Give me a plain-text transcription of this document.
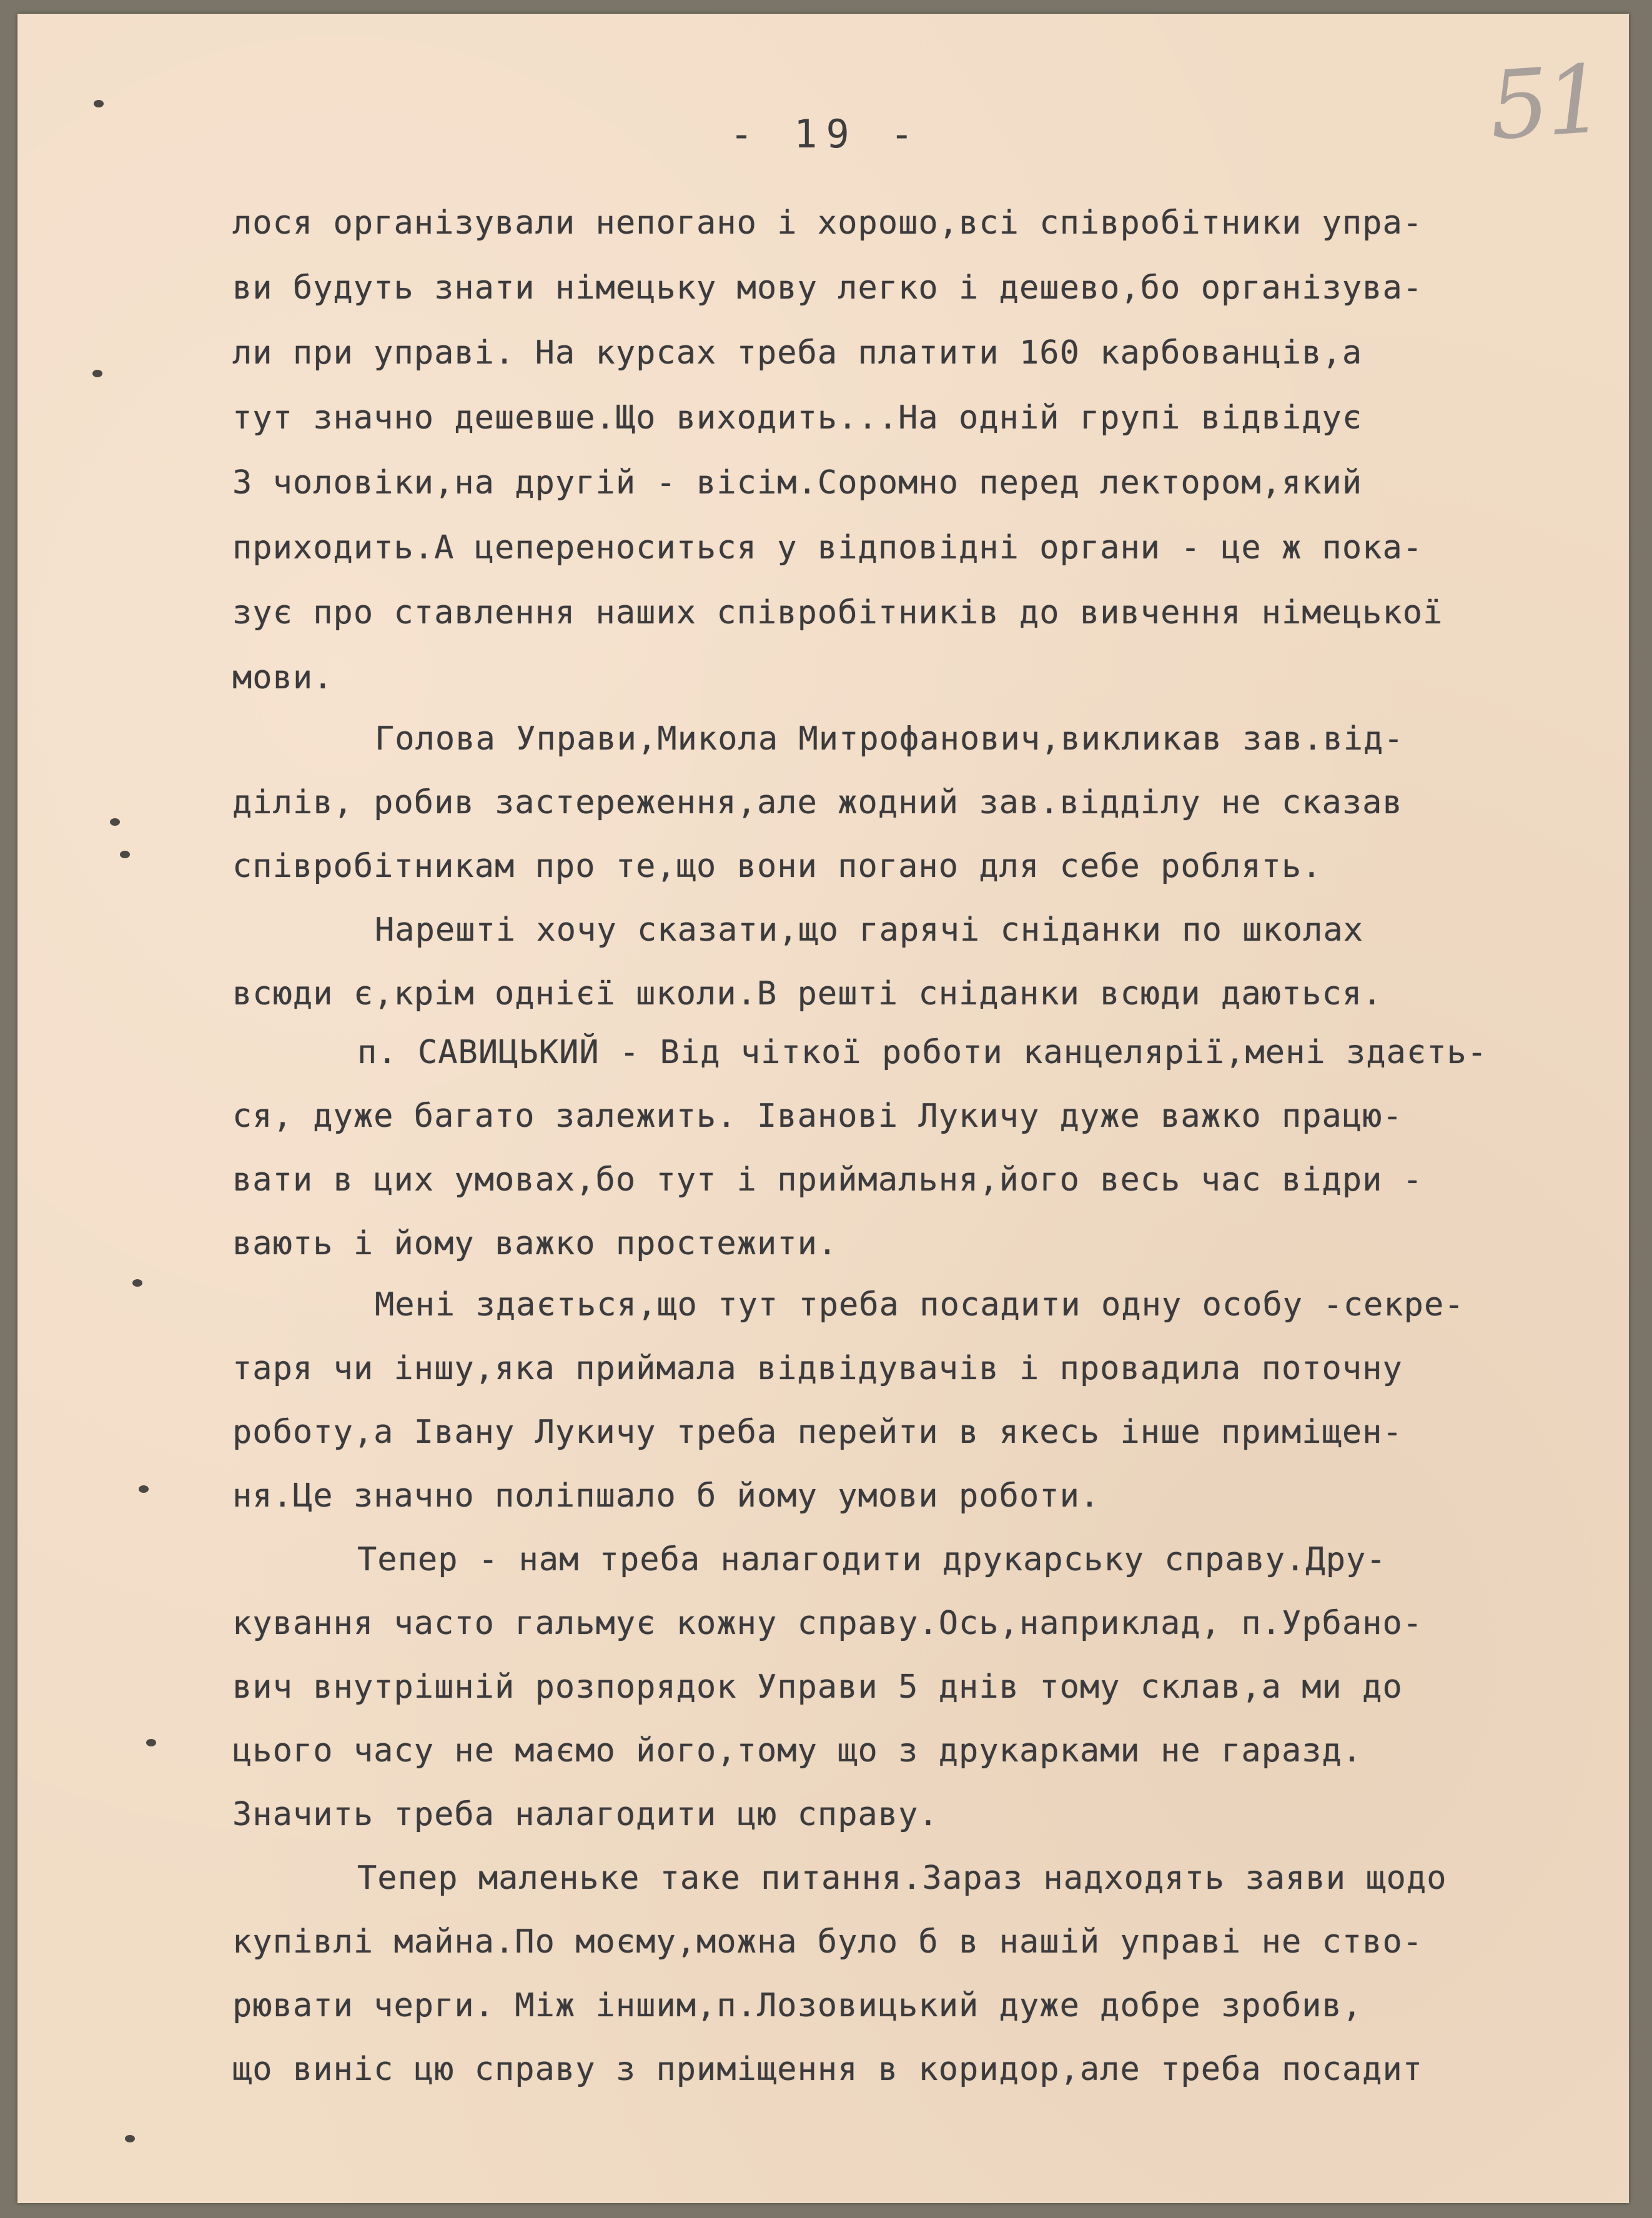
51
- 19 -
лося організували непогано і хорошо,всі співробітники упра-
ви будуть знати німецьку мову легко і дешево,бо організува-
ли при управі. На курсах треба платити 160 карбованців,а
тут значно дешевше.Що виходить...На одній групі відвідує
3 чоловіки,на другій - вісім.Соромно перед лектором,який
приходить.А цепереноситься у відповідні органи - це ж пока-
зує про ставлення наших співробітників до вивчення німецької
мови.
Голова Управи,Микола Митрофанович,викликав зав.від-
ділів, робив застереження,але жодний зав.відділу не сказав
співробітникам про те,що вони погано для себе роблять.
Нарешті хочу сказати,що гарячі сніданки по школах
всюди є,крім однієї школи.В решті сніданки всюди даються.
п. САВИЦЬКИЙ - Від чіткої роботи канцелярії,мені здаєть-
ся, дуже багато залежить. Іванові Лукичу дуже важко працю-
вати в цих умовах,бо тут і приймальня,його весь час відри -
вають і йому важко простежити.
Мені здається,що тут треба посадити одну особу -секре-
таря чи іншу,яка приймала відвідувачів і провадила поточну
роботу,а Івану Лукичу треба перейти в якесь інше приміщен-
ня.Це значно поліпшало б йому умови роботи.
Тепер - нам треба налагодити друкарську справу.Дру-
кування часто гальмує кожну справу.Ось,наприклад, п.Урбано-
вич внутрішній розпорядок Управи 5 днів тому склав,а ми до
цього часу не маємо його,тому що з друкарками не гаразд.
Значить треба налагодити цю справу.
Тепер маленьке таке питання.Зараз надходять заяви щодо
купівлі майна.По моєму,можна було б в нашій управі не ство-
рювати черги. Між іншим,п.Лозовицький дуже добре зробив,
що виніс цю справу з приміщення в коридор,але треба посадит
